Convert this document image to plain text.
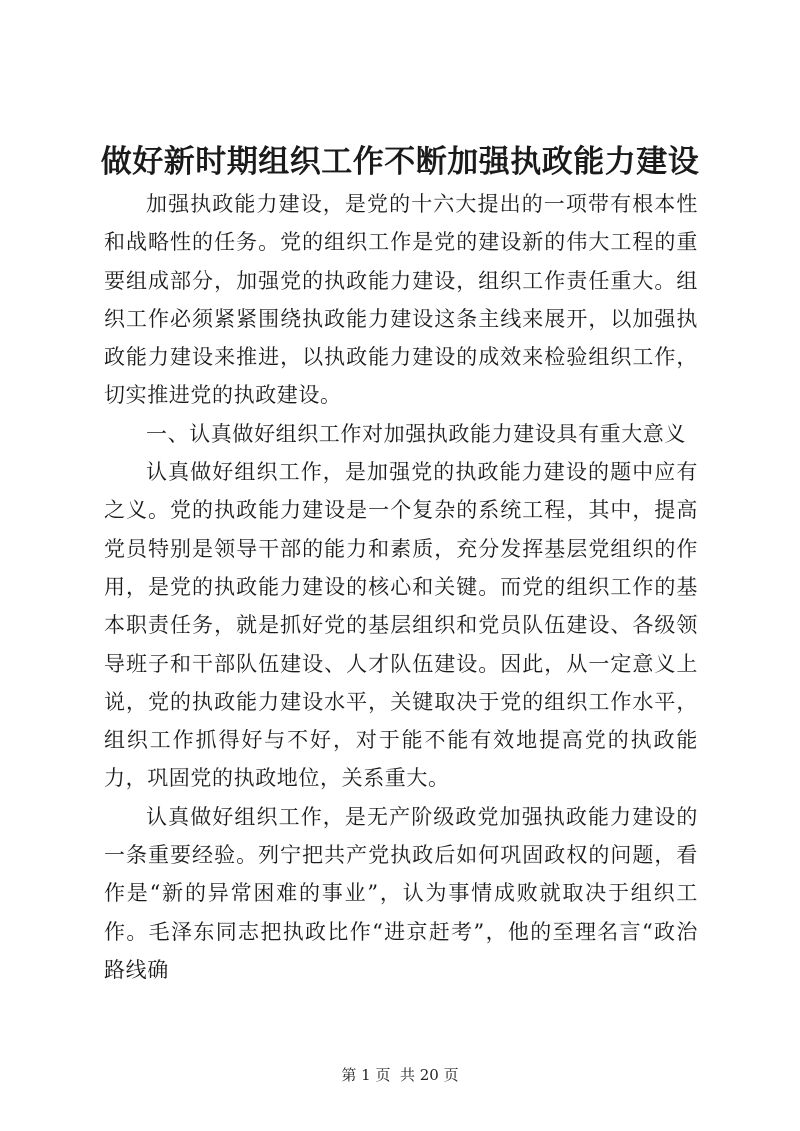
做好新时期组织工作不断加强执政能力建设

加强执政能力建设，是党的十六大提出的一项带有根本性和战略性的任务。党的组织工作是党的建设新的伟大工程的重要组成部分，加强党的执政能力建设，组织工作责任重大。组织工作必须紧紧围绕执政能力建设这条主线来展开，以加强执政能力建设来推进，以执政能力建设的成效来检验组织工作，切实推进党的执政建设。

一、认真做好组织工作对加强执政能力建设具有重大意义

认真做好组织工作，是加强党的执政能力建设的题中应有之义。党的执政能力建设是一个复杂的系统工程，其中，提高党员特别是领导干部的能力和素质，充分发挥基层党组织的作用，是党的执政能力建设的核心和关键。而党的组织工作的基本职责任务，就是抓好党的基层组织和党员队伍建设、各级领导班子和干部队伍建设、人才队伍建设。因此，从一定意义上说，党的执政能力建设水平，关键取决于党的组织工作水平，组织工作抓得好与不好，对于能不能有效地提高党的执政能力，巩固党的执政地位，关系重大。

认真做好组织工作，是无产阶级政党加强执政能力建设的一条重要经验。列宁把共产党执政后如何巩固政权的问题，看作是“新的异常困难的事业”，认为事情成败就取决于组织工作。毛泽东同志把执政比作“进京赶考”，他的至理名言“政治路线确

第 1 页  共 20 页
